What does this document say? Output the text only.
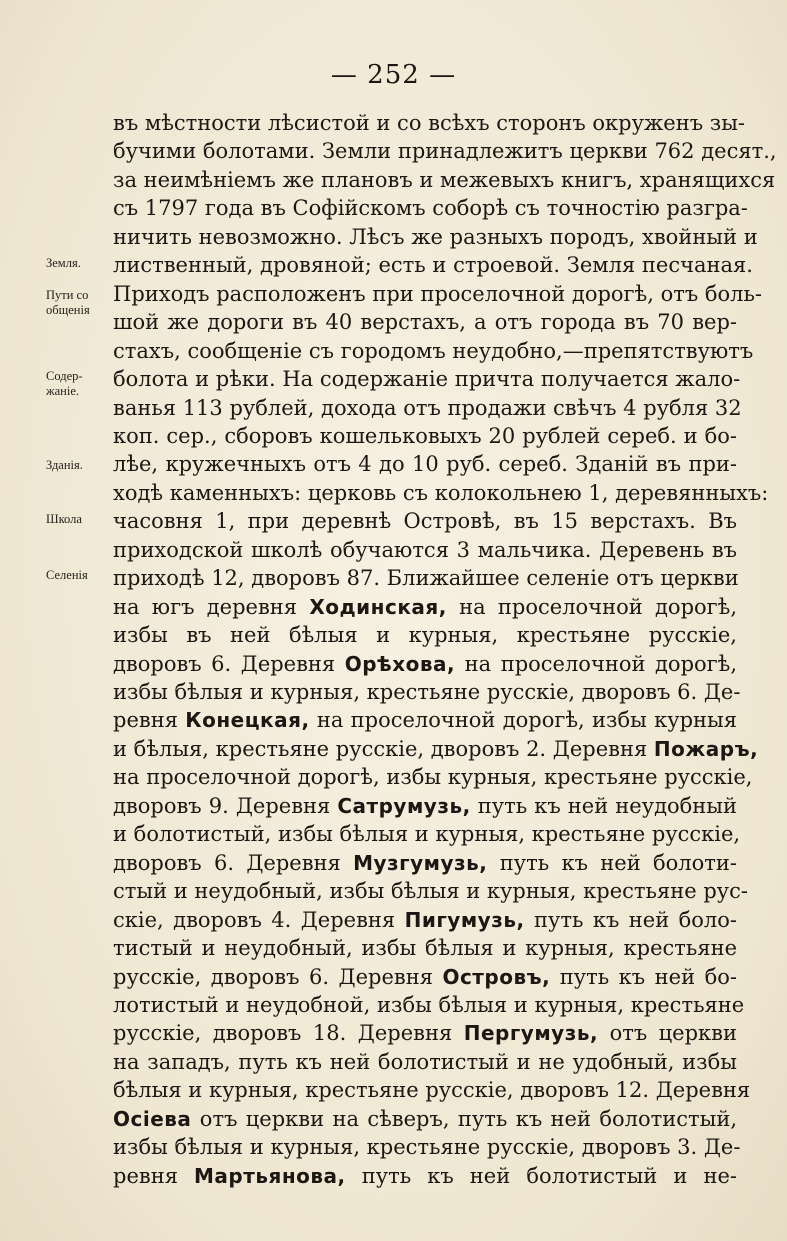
— 252 —
Земля.
Пути со общенія
Содер- жаніе.
Зданія.
Школа
Селенія
въ мѣстности лѣсистой и со всѣхъ сторонъ окруженъ зы-
бучими болотами. Земли принадлежитъ церкви 762 десят.,
за неимѣніемъ же плановъ и межевыхъ книгъ, хранящихся
съ 1797 года въ Софійскомъ соборѣ съ точностію разгра-
ничить невозможно. Лѣсъ же разныхъ породъ, хвойный и
лиственный, дровяной; есть и строевой. Земля песчаная.
Приходъ расположенъ при проселочной дорогѣ, отъ боль-
шой же дороги въ 40 верстахъ, а отъ города въ 70 вер-
стахъ, сообщеніе съ городомъ неудобно,—препятствуютъ
болота и рѣки. На содержаніе причта получается жало-
ванья 113 рублей, дохода отъ продажи свѣчъ 4 рубля 32
коп. сер., сборовъ кошельковыхъ 20 рублей сереб. и бо-
лѣе, кружечныхъ отъ 4 до 10 руб. сереб. Зданій въ при-
ходѣ каменныхъ: церковь съ колокольнею 1, деревянныхъ:
часовня 1, при деревнѣ Островѣ, въ 15 верстахъ. Въ
приходской школѣ обучаются 3 мальчика. Деревень въ
приходѣ 12, дворовъ 87. Ближайшее селеніе отъ церкви
на югъ деревня Ходинская, на проселочной дорогѣ,
избы въ ней бѣлыя и курныя, крестьяне русскіе,
дворовъ 6. Деревня Орѣхова, на проселочной дорогѣ,
избы бѣлыя и курныя, крестьяне русскіе, дворовъ 6. Де-
ревня Конецкая, на проселочной дорогѣ, избы курныя
и бѣлыя, крестьяне русскіе, дворовъ 2. Деревня Пожаръ,
на проселочной дорогѣ, избы курныя, крестьяне русскіе,
дворовъ 9. Деревня Сатрумузь, путь къ ней неудобный
и болотистый, избы бѣлыя и курныя, крестьяне русскіе,
дворовъ 6. Деревня Музгумузь, путь къ ней болоти-
стый и неудобный, избы бѣлыя и курныя, крестьяне рус-
скіе, дворовъ 4. Деревня Пигумузь, путь къ ней боло-
тистый и неудобный, избы бѣлыя и курныя, крестьяне
русскіе, дворовъ 6. Деревня Островъ, путь къ ней бо-
лотистый и неудобной, избы бѣлыя и курныя, крестьяне
русскіе, дворовъ 18. Деревня Пергумузь, отъ церкви
на западъ, путь къ ней болотистый и не удобный, избы
бѣлыя и курныя, крестьяне русскіе, дворовъ 12. Деревня
Осіева отъ церкви на сѣверъ, путь къ ней болотистый,
избы бѣлыя и курныя, крестьяне русскіе, дворовъ 3. Де-
ревня Мартьянова, путь къ ней болотистый и не-
